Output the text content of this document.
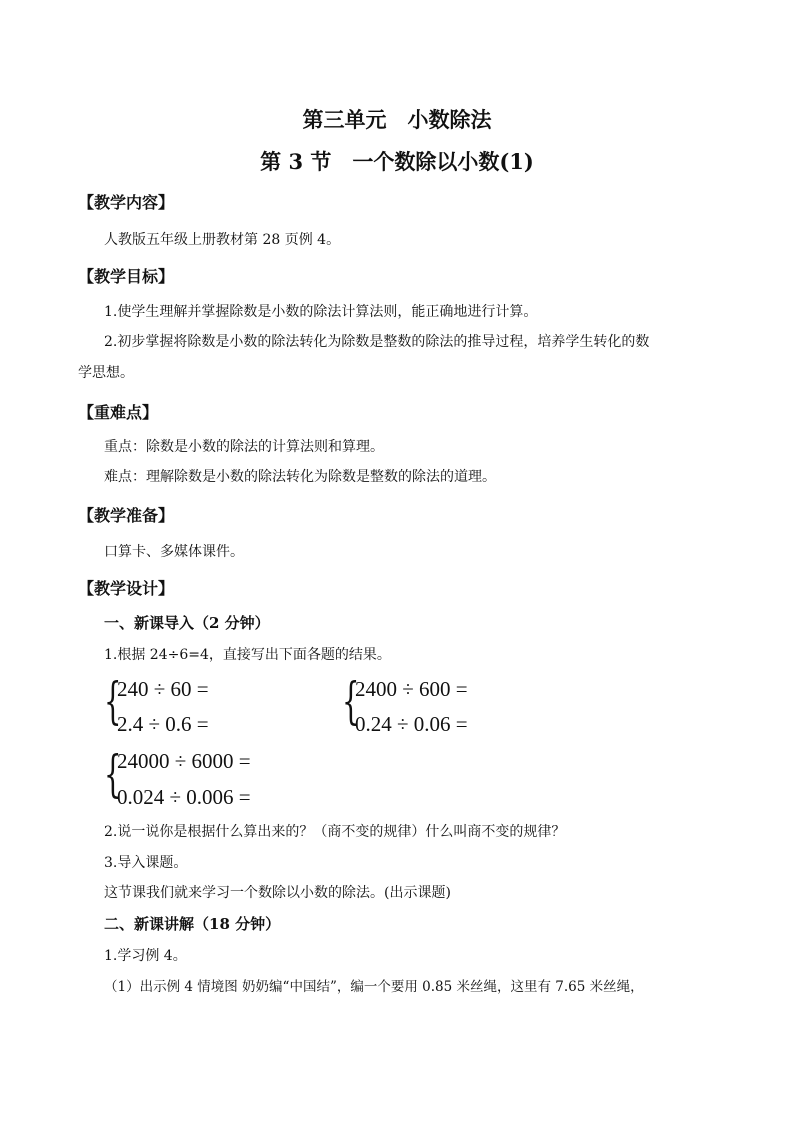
第三单元　小数除法
第 3 节　一个数除以小数(1)
【教学内容】
人教版五年级上册教材第 28 页例 4。
【教学目标】
1.使学生理解并掌握除数是小数的除法计算法则，能正确地进行计算。
2.初步掌握将除数是小数的除法转化为除数是整数的除法的推导过程，培养学生转化的数
学思想。
【重难点】
重点：除数是小数的除法的计算法则和算理。
难点：理解除数是小数的除法转化为除数是整数的除法的道理。
【教学准备】
口算卡、多媒体课件。
【教学设计】
一、新课导入（2 分钟）
1.根据 24÷6=4，直接写出下面各题的结果。
{
240 ÷ 60 =
2.4 ÷ 0.6 =	{
2400 ÷ 600 =
0.24 ÷ 0.06 =
{
24000 ÷ 6000 =
0.024 ÷ 0.006 =
2.说一说你是根据什么算出来的？（商不变的规律）什么叫商不变的规律？
3.导入课题。
这节课我们就来学习一个数除以小数的除法。(出示课题)
二、新课讲解（18 分钟）
1.学习例 4。
（1）出示例 4 情境图 奶奶编“中国结”，编一个要用 0.85 米丝绳，这里有 7.65 米丝绳，
